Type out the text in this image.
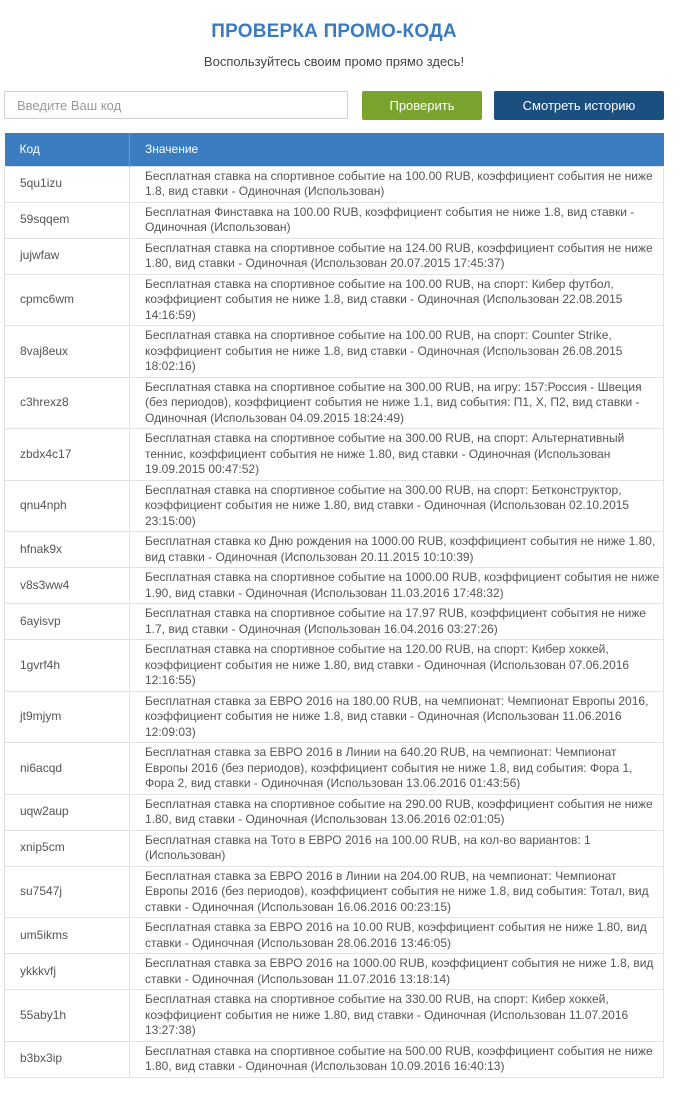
ПРОВЕРКА ПРОМО-КОДА
Воспользуйтесь своим промо прямо здесь!
Введите Ваш код
Проверить	Смотреть историю
Код	Значение
5qu1izu	Бесплатная ставка на спортивное событие на 100.00 RUB, коэффициент события не ниже 1.8, вид ставки - Одиночная (Использован)
59sqqem	Бесплатная Финставка на 100.00 RUB, коэффициент события не ниже 1.8, вид ставки - Одиночная (Использован)
jujwfaw	Бесплатная ставка на спортивное событие на 124.00 RUB, коэффициент события не ниже 1.80, вид ставки - Одиночная (Использован 20.07.2015 17:45:37)
cpmc6wm	Бесплатная ставка на спортивное событие на 100.00 RUB, на спорт: Кибер футбол, коэффициент события не ниже 1.8, вид ставки - Одиночная (Использован 22.08.2015 14:16:59)
8vaj8eux	Бесплатная ставка на спортивное событие на 100.00 RUB, на спорт: Counter Strike, коэффициент события не ниже 1.8, вид ставки - Одиночная (Использован 26.08.2015 18:02:16)
c3hrexz8	Бесплатная ставка на спортивное событие на 300.00 RUB, на игру: 157:Россия - Швеция (без периодов), коэффициент события не ниже 1.1, вид события: П1, Х, П2, вид ставки - Одиночная (Использован 04.09.2015 18:24:49)
zbdx4c17	Бесплатная ставка на спортивное событие на 300.00 RUB, на спорт: Альтернативный теннис, коэффициент события не ниже 1.80, вид ставки - Одиночная (Использован 19.09.2015 00:47:52)
qnu4nph	Бесплатная ставка на спортивное событие на 300.00 RUB, на спорт: Бетконструктор, коэффициент события не ниже 1.80, вид ставки - Одиночная (Использован 02.10.2015 23:15:00)
hfnak9x	Бесплатная ставка ко Дню рождения на 1000.00 RUB, коэффициент события не ниже 1.80, вид ставки - Одиночная (Использован 20.11.2015 10:10:39)
v8s3ww4	Бесплатная ставка на спортивное событие на 1000.00 RUB, коэффициент события не ниже 1.90, вид ставки - Одиночная (Использован 11.03.2016 17:48:32)
6ayisvp	Бесплатная ставка на спортивное событие на 17.97 RUB, коэффициент события не ниже 1.7, вид ставки - Одиночная (Использован 16.04.2016 03:27:26)
1gvrf4h	Бесплатная ставка на спортивное событие на 120.00 RUB, на спорт: Кибер хоккей, коэффициент события не ниже 1.80, вид ставки - Одиночная (Использован 07.06.2016 12:16:55)
jt9mjym	Бесплатная ставка за ЕВРО 2016 на 180.00 RUB, на чемпионат: Чемпионат Европы 2016, коэффициент события не ниже 1.8, вид ставки - Одиночная (Использован 11.06.2016 12:09:03)
ni6acqd	Бесплатная ставка за ЕВРО 2016 в Линии на 640.20 RUB, на чемпионат: Чемпионат Европы 2016 (без периодов), коэффициент события не ниже 1.8, вид события: Фора 1, Фора 2, вид ставки - Одиночная (Использован 13.06.2016 01:43:56)
uqw2aup	Бесплатная ставка на спортивное событие на 290.00 RUB, коэффициент события не ниже 1.80, вид ставки - Одиночная (Использован 13.06.2016 02:01:05)
xnip5cm	Бесплатная ставка на Тото в ЕВРО 2016 на 100.00 RUB, на кол-во вариантов: 1 (Использован)
su7547j	Бесплатная ставка за ЕВРО 2016 в Линии на 204.00 RUB, на чемпионат: Чемпионат Европы 2016 (без периодов), коэффициент события не ниже 1.8, вид события: Тотал, вид ставки - Одиночная (Использован 16.06.2016 00:23:15)
um5ikms	Бесплатная ставка за ЕВРО 2016 на 10.00 RUB, коэффициент события не ниже 1.80, вид ставки - Одиночная (Использован 28.06.2016 13:46:05)
ykkkvfj	Бесплатная ставка за ЕВРО 2016 на 1000.00 RUB, коэффициент события не ниже 1.8, вид ставки - Одиночная (Использован 11.07.2016 13:18:14)
55aby1h	Бесплатная ставка на спортивное событие на 330.00 RUB, на спорт: Кибер хоккей, коэффициент события не ниже 1.80, вид ставки - Одиночная (Использован 11.07.2016 13:27:38)
b3bx3ip	Бесплатная ставка на спортивное событие на 500.00 RUB, коэффициент события не ниже 1.80, вид ставки - Одиночная (Использован 10.09.2016 16:40:13)
